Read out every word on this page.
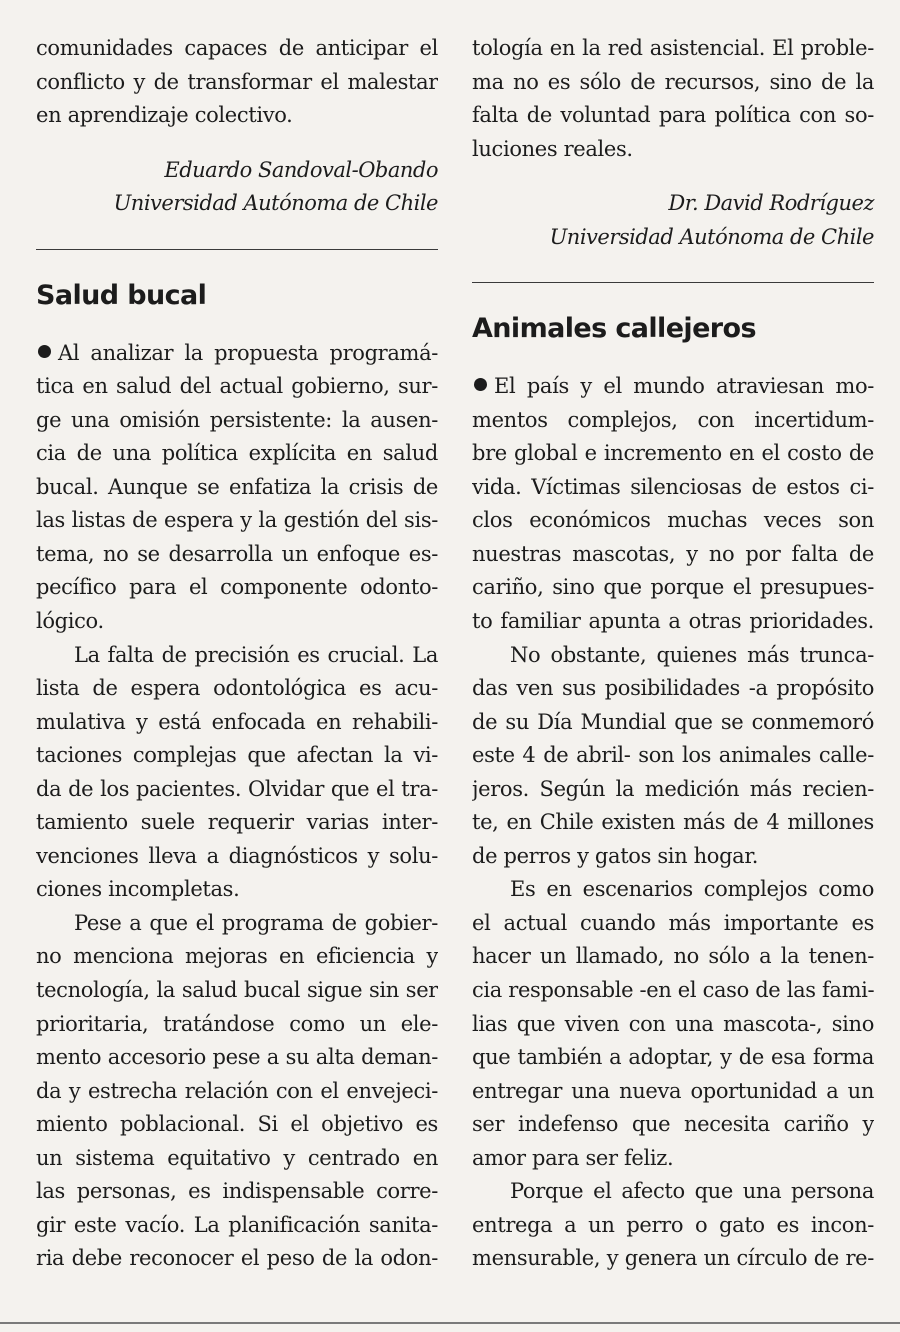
comunidades capaces de anticipar el
conflicto y de transformar el malestar
en aprendizaje colectivo.
Eduardo Sandoval-Obando
Universidad Autónoma de Chile
Salud bucal
Al analizar la propuesta programá-
tica en salud del actual gobierno, sur-
ge una omisión persistente: la ausen-
cia de una política explícita en salud
bucal. Aunque se enfatiza la crisis de
las listas de espera y la gestión del sis-
tema, no se desarrolla un enfoque es-
pecífico para el componente odonto-
lógico.
La falta de precisión es crucial. La
lista de espera odontológica es acu-
mulativa y está enfocada en rehabili-
taciones complejas que afectan la vi-
da de los pacientes. Olvidar que el tra-
tamiento suele requerir varias inter-
venciones lleva a diagnósticos y solu-
ciones incompletas.
Pese a que el programa de gobier-
no menciona mejoras en eficiencia y
tecnología, la salud bucal sigue sin ser
prioritaria, tratándose como un ele-
mento accesorio pese a su alta deman-
da y estrecha relación con el envejeci-
miento poblacional. Si el objetivo es
un sistema equitativo y centrado en
las personas, es indispensable corre-
gir este vacío. La planificación sanita-
ria debe reconocer el peso de la odon-
tología en la red asistencial. El proble-
ma no es sólo de recursos, sino de la
falta de voluntad para política con so-
luciones reales.
Dr. David Rodríguez
Universidad Autónoma de Chile
Animales callejeros
El país y el mundo atraviesan mo-
mentos complejos, con incertidum-
bre global e incremento en el costo de
vida. Víctimas silenciosas de estos ci-
clos económicos muchas veces son
nuestras mascotas, y no por falta de
cariño, sino que porque el presupues-
to familiar apunta a otras prioridades.
No obstante, quienes más trunca-
das ven sus posibilidades -a propósito
de su Día Mundial que se conmemoró
este 4 de abril- son los animales calle-
jeros. Según la medición más recien-
te, en Chile existen más de 4 millones
de perros y gatos sin hogar.
Es en escenarios complejos como
el actual cuando más importante es
hacer un llamado, no sólo a la tenen-
cia responsable -en el caso de las fami-
lias que viven con una mascota-, sino
que también a adoptar, y de esa forma
entregar una nueva oportunidad a un
ser indefenso que necesita cariño y
amor para ser feliz.
Porque el afecto que una persona
entrega a un perro o gato es incon-
mensurable, y genera un círculo de re-
